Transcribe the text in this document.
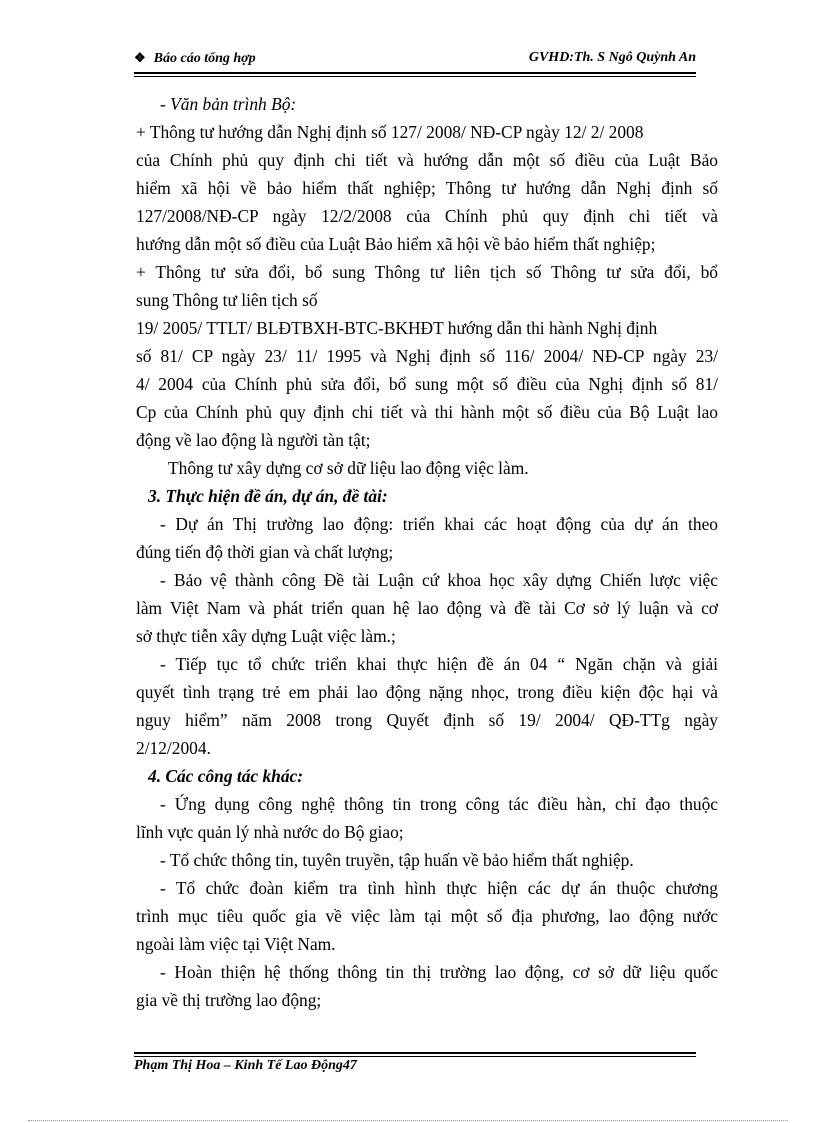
❖ Báo cáo tổng hợp	GVHD:Th. S Ngô Quỳnh An
- Văn bản trình Bộ:
+ Thông tư hướng dẫn Nghị định số 127/ 2008/ NĐ-CP ngày 12/ 2/ 2008
của Chính phủ quy định chi tiết và hướng dẫn một số điều của Luật Bảo
hiểm xã hội về bảo hiểm thất nghiệp; Thông tư hướng dẫn Nghị định số
127/2008/NĐ-CP ngày 12/2/2008 của Chính phủ quy định chi tiết và
hướng dẫn một số điều của Luật Bảo hiểm xã hội về bảo hiểm thất nghiệp;
+ Thông tư sửa đổi, bổ sung Thông tư liên tịch số Thông tư sửa đổi, bổ
sung Thông tư liên tịch số
19/ 2005/ TTLT/ BLĐTBXH-BTC-BKHĐT hướng dẫn thi hành Nghị định
số 81/ CP ngày 23/ 11/ 1995 và Nghị định số 116/ 2004/ NĐ-CP ngày 23/
4/ 2004 của Chính phủ sửa đổi, bổ sung một số điều của Nghị định số 81/
Cp của Chính phủ quy định chi tiết và thi hành một số điều của Bộ Luật lao
động về lao động là người tàn tật;
Thông tư xây dựng cơ sở dữ liệu lao động việc làm.
3. Thực hiện đề án, dự án, đề tài:
- Dự án Thị trường lao động: triển khai các hoạt động của dự án theo
đúng tiến độ thời gian và chất lượng;
- Bảo vệ thành công Đề tài Luận cứ khoa học xây dựng Chiến lược việc
làm Việt Nam và phát triển quan hệ lao động và đề tài Cơ sở lý luận và cơ
sở thực tiễn xây dựng Luật việc làm.;
- Tiếp tục tổ chức triển khai thực hiện đề án 04 “ Ngăn chặn và giải
quyết tình trạng trẻ em phải lao động nặng nhọc, trong điều kiện độc hại và
nguy hiểm” năm 2008 trong Quyết định số 19/ 2004/ QĐ-TTg ngày
2/12/2004.
4. Các công tác khác:
- Ứng dụng công nghệ thông tin trong công tác điều hàn, chỉ đạo thuộc
lĩnh vực quản lý nhà nước do Bộ giao;
- Tổ chức thông tin, tuyên truyền, tập huấn về bảo hiểm thất nghiệp.
- Tổ chức đoàn kiểm tra tình hình thực hiện các dự án thuộc chương
trình mục tiêu quốc gia về việc làm tại một số địa phương, lao động nước
ngoài làm việc tại Việt Nam.
- Hoàn thiện hệ thống thông tin thị trường lao động, cơ sở dữ liệu quốc
gia về thị trường lao động;
Phạm Thị Hoa – Kinh Tế Lao Động47
